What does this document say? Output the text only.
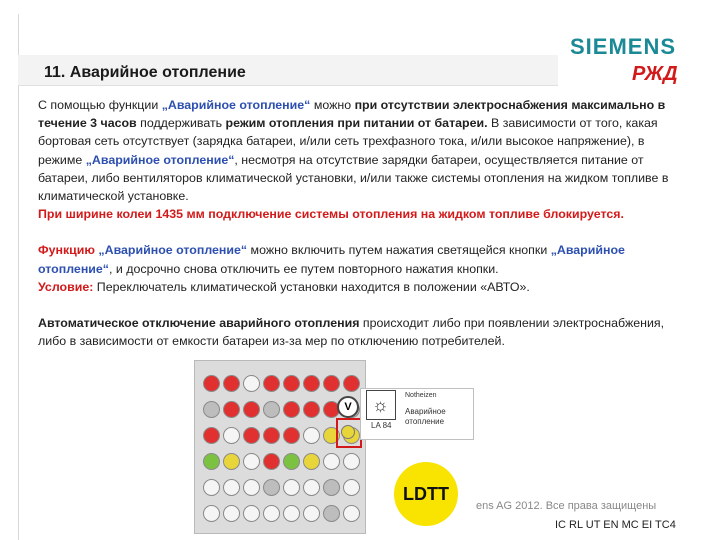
11. Аварийное отопление
SIEMENS
РЖД

С помощью функции „Аварийное отопление“ можно при отсутствии электроснабжения максимально в течение 3 часов поддерживать режим отопления при питании от батареи. В зависимости от того, какая бортовая сеть отсутствует (зарядка батареи, и/или сеть трехфазного тока, и/или высокое напряжение), в режиме „Аварийное отопление“, несмотря на отсутствие зарядки батареи, осуществляется питание от батареи, либо вентиляторов климатической установки, и/или также системы отопления на жидком топливе в климатической установке.

При ширине колеи 1435 мм подключение системы отопления на жидком топливе блокируется.

Функцию „Аварийное отопление“ можно включить путем нажатия светящейся кнопки „Аварийное отопление“, и досрочно снова отключить ее путем повторного нажатия кнопки.
Условие: Переключатель климатической установки находится в положении «АВТО».

Автоматическое отключение аварийного отопления происходит либо при появлении электроснабжения, либо в зависимости от емкости батареи из-за мер по отключению потребителей.

V	☼
LA 84
Notheizen
Аварийное отопление
LDTT
ens AG 2012. Все права защищены
IC RL UT EN MC EI TC4
